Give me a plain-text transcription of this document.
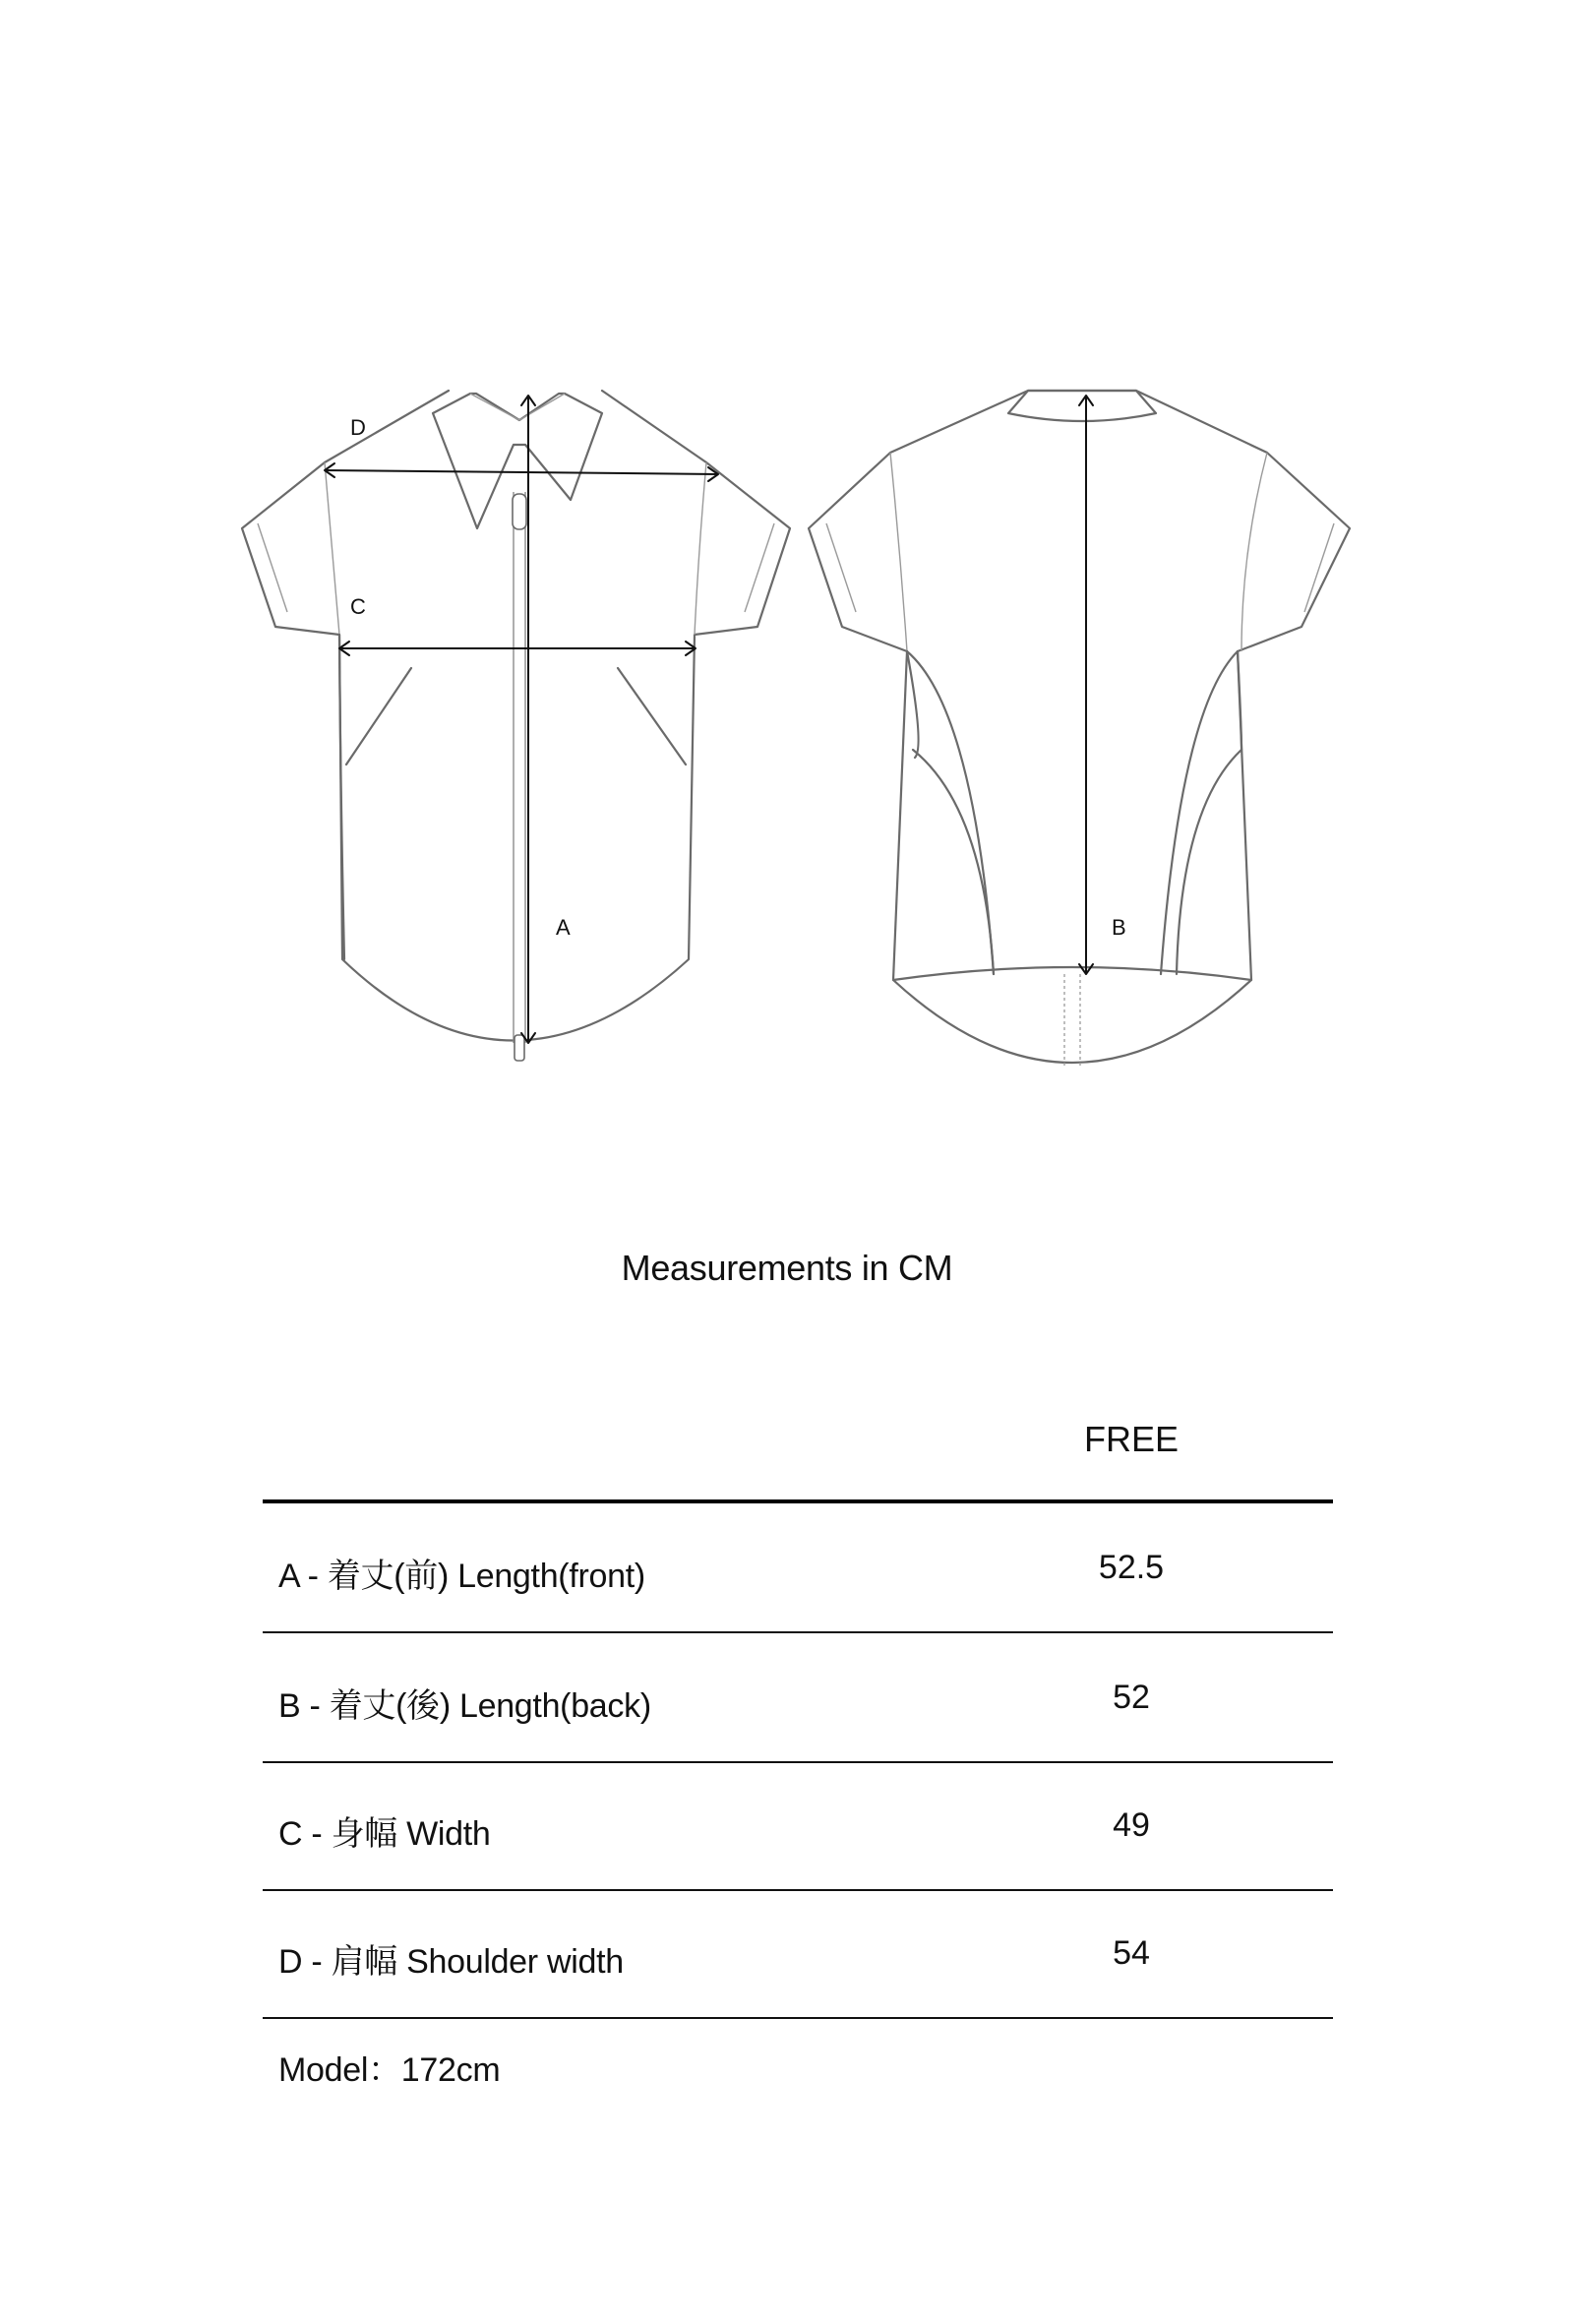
D
C
A	B
Measurements in CM
FREE
A - 着丈(前) Length(front)	52.5
B - 着丈(後) Length(back)	52
C - 身幅 Width	49
D - 肩幅 Shoulder width	54
Model：172cm
